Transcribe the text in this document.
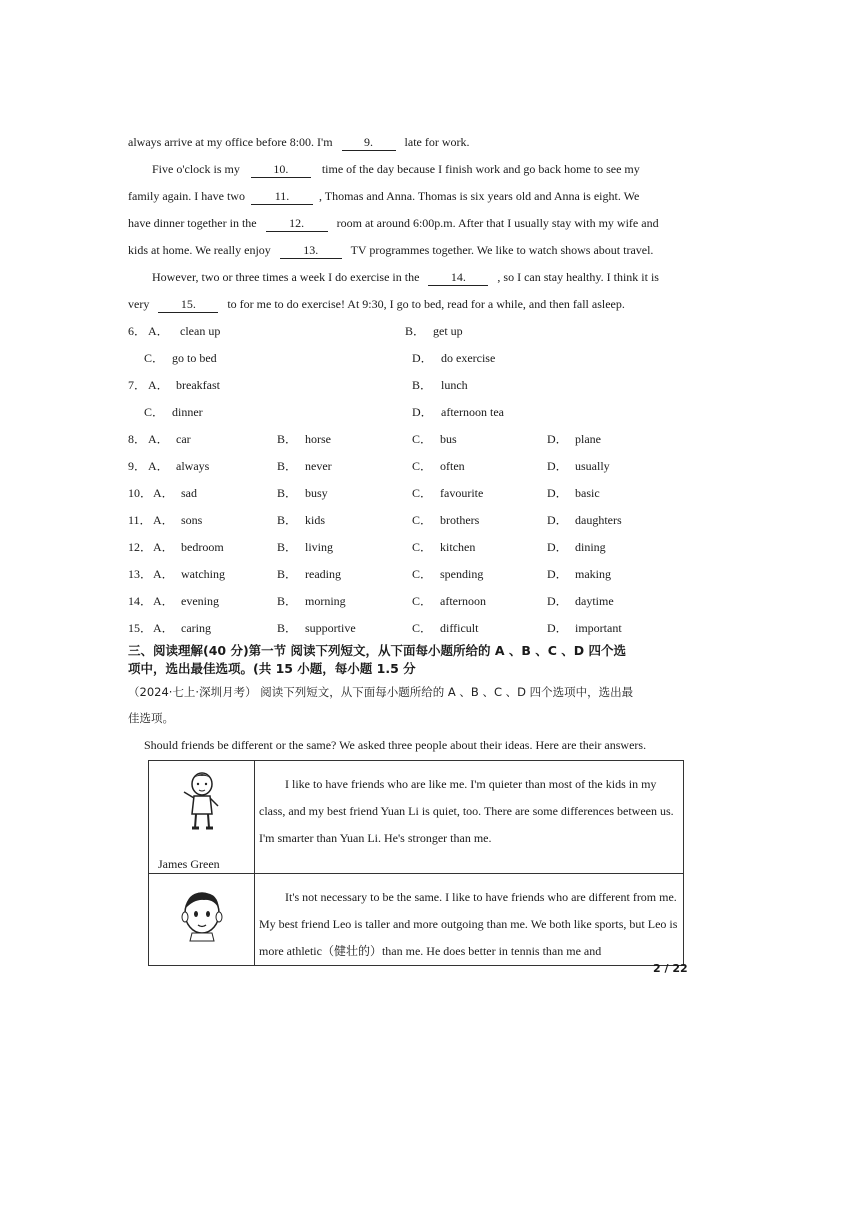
always arrive at my office before 8:00. I'm	9.	late for work.
Five o'clock is my	10.	time of the day because I finish work and go back home to see my
family again. I have two 11. , Thomas and Anna. Thomas is six years old and Anna is eight. We
have dinner together in the	12.	room at around 6:00p.m. After that I usually stay with my wife and
kids at home. We really enjoy	13.	TV programmes together. We like to watch shows about travel.
However, two or three times a week I do exercise in the	14.	, so I can stay healthy. I think it is
very	15.	to for me to do exercise! At 9:30, I go to bed, read for a while, and then fall asleep.
6． A． clean up	B． get up
C． go to bed	D． do exercise
7． A． breakfast	B． lunch
C． dinner	D． afternoon tea
8． A． car	B． horse	C． bus	D． plane
9． A． always	B． never	C． often	D． usually
10． A． sad	B． busy	C． favourite	D． basic
11． A． sons	B． kids	C． brothers	D． daughters
12． A． bedroom	B． living	C． kitchen	D． dining
13． A． watching	B． reading	C． spending	D． making
14． A． evening	B． morning	C． afternoon	D． daytime
15． A． caring	B． supportive	C． difficult	D． important
三、阅读理解(40 分)第一节 阅读下列短文，从下面每小题所给的 A 、B 、C 、D 四个选
项中，选出最佳选项。(共 15 小题，每小题 1.5 分
（2024·七上·深圳月考） 阅读下列短文，从下面每小题所给的 A 、B 、C 、D 四个选项中，选出最
佳选项。
Should friends be different or the same? We asked three people about their ideas. Here are their answers.
James Green	I like to have friends who are like me. I'm quieter than most of the kids in my class, and my best friend Yuan Li is quiet, too. There are some differences between us. I'm smarter than Yuan Li. He's stronger than me.
	It's not necessary to be the same. I like to have friends who are different from me. My best friend Leo is taller and more outgoing than me. We both like sports, but Leo is more athletic（健壮的）than me. He does better in tennis than me and
2 / 22
